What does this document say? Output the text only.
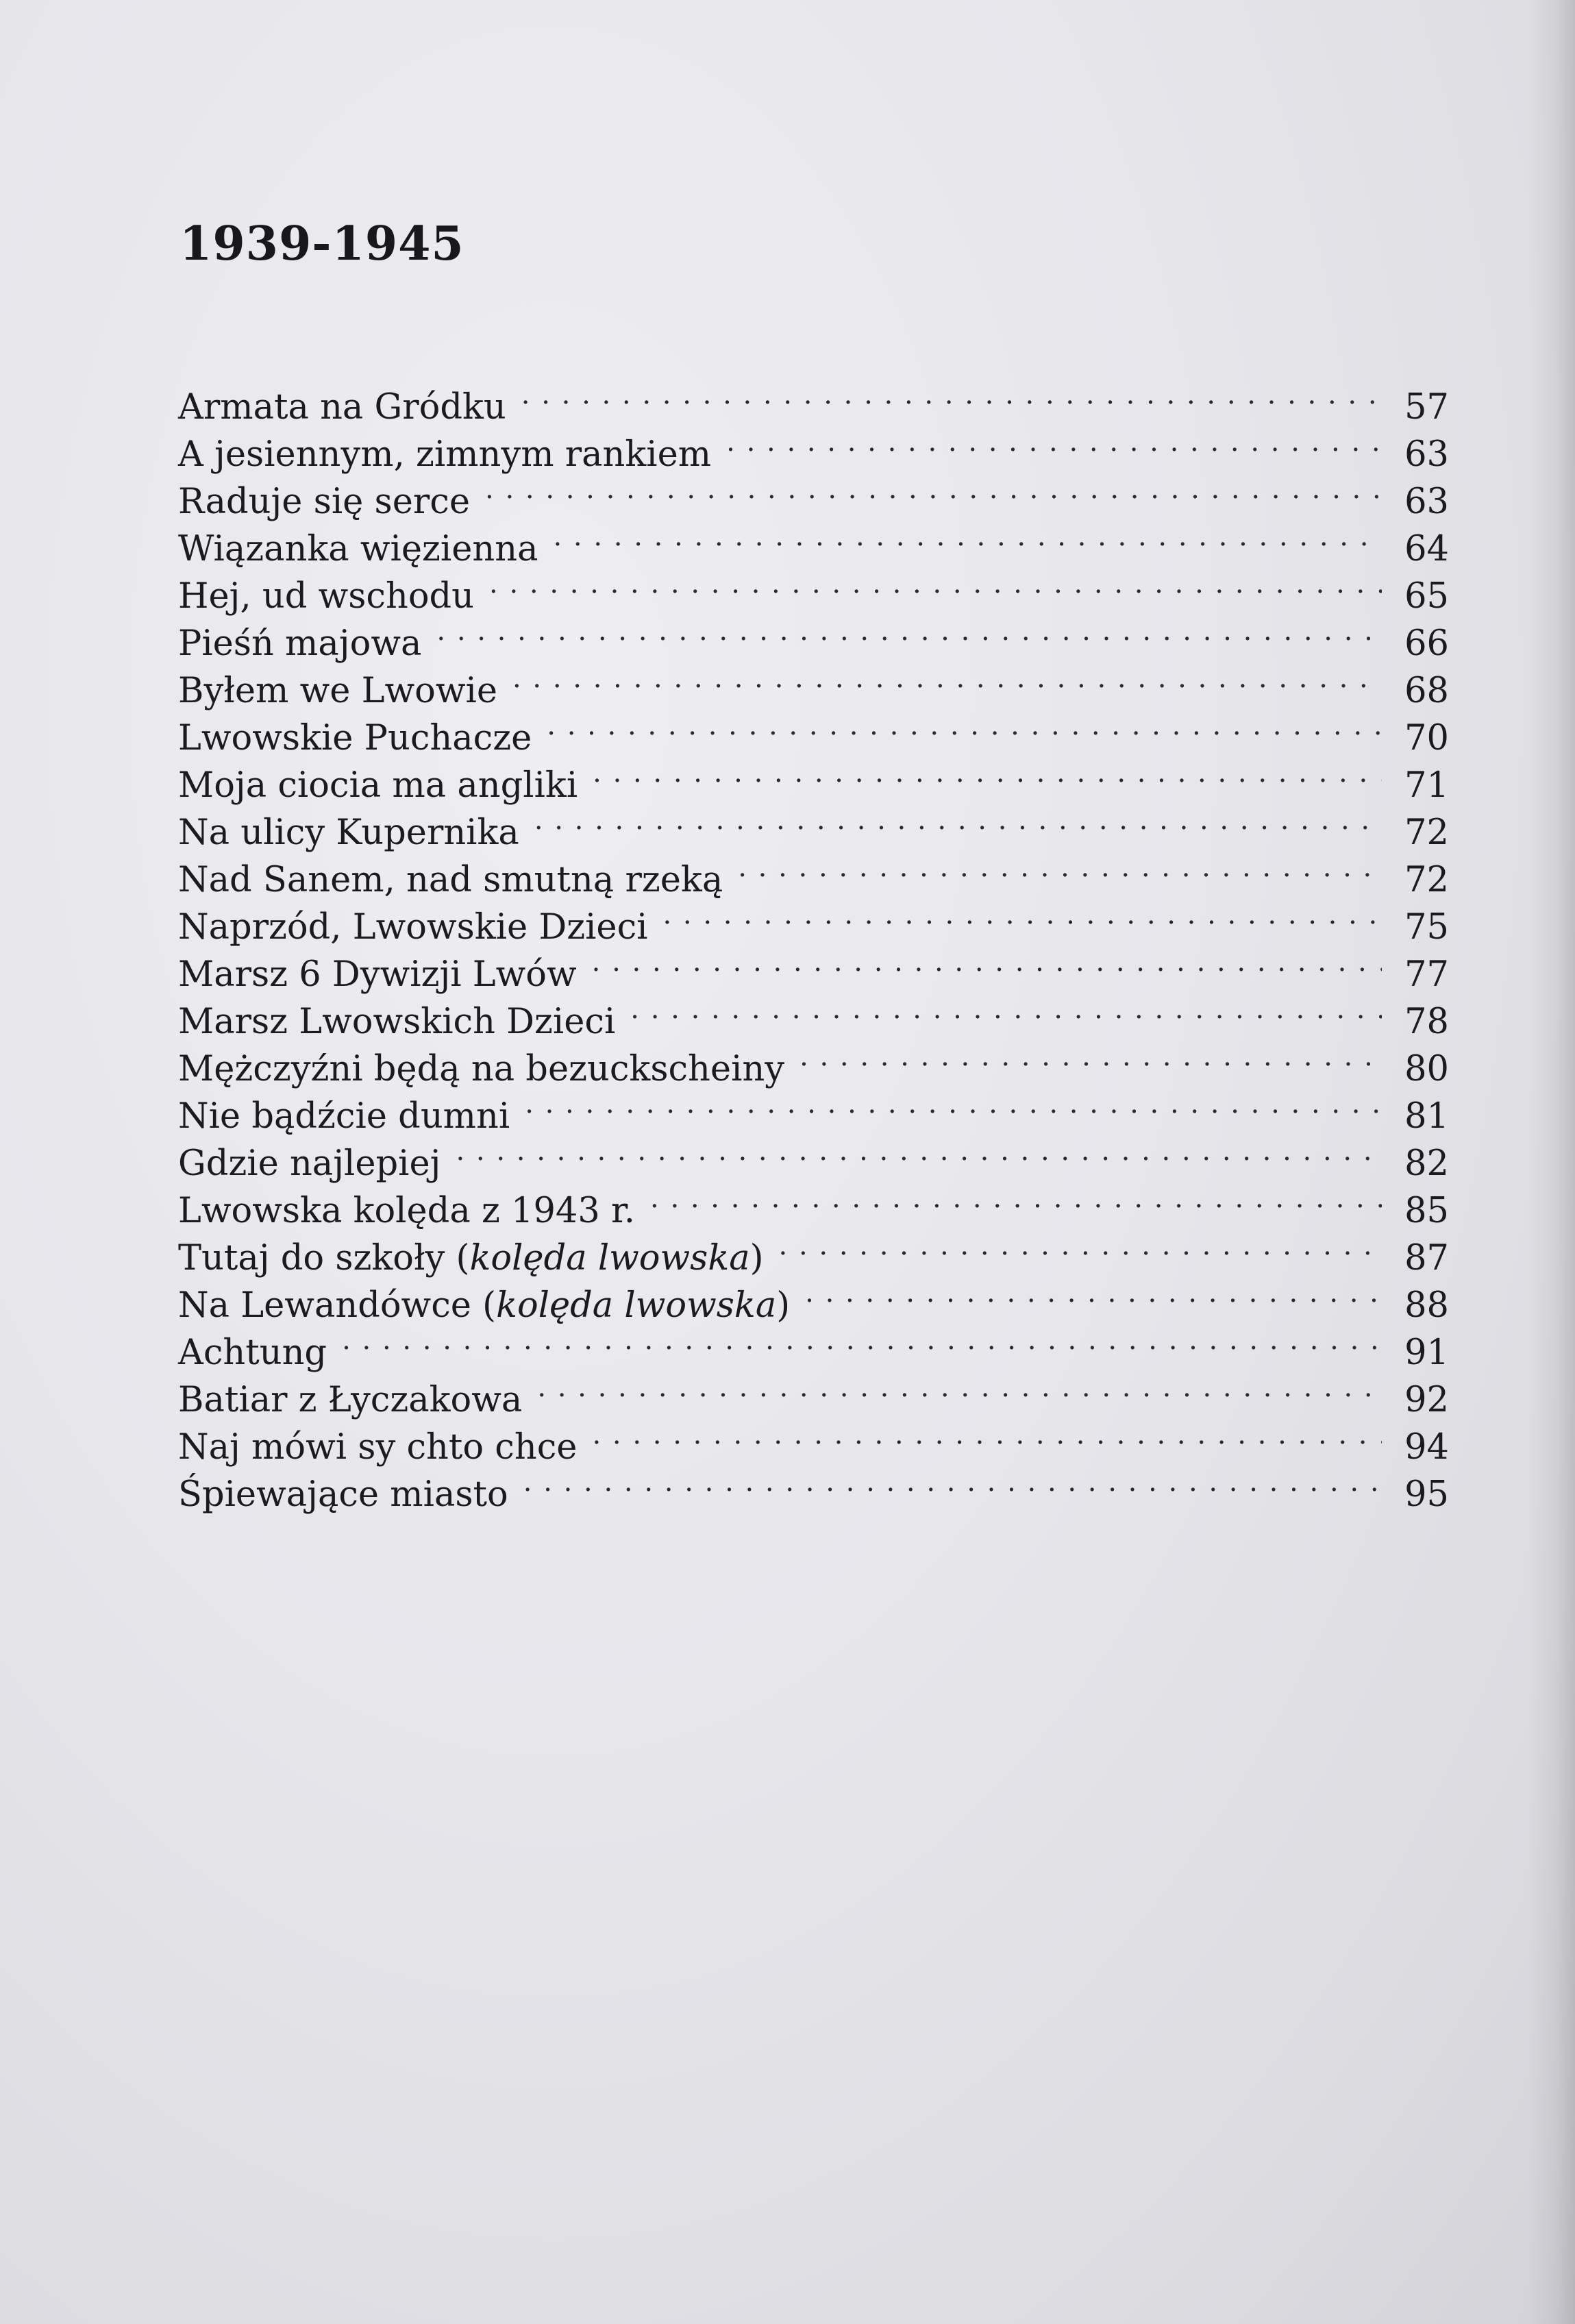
1939-1945
Armata na Gródku . . .	57
A jesiennym, zimnym rankiem . . .	63
Raduje się serce . . .	63
Wiązanka więzienna . . .	64
Hej, ud wschodu . . .	65
Pieśń majowa . . .	66
Byłem we Lwowie . . .	68
Lwowskie Puchacze . . .	70
Moja ciocia ma angliki . . .	71
Na ulicy Kupernika . . .	72
Nad Sanem, nad smutną rzeką . . .	72
Naprzód, Lwowskie Dzieci . . .	75
Marsz 6 Dywizji Lwów . . .	77
Marsz Lwowskich Dzieci . . .	78
Mężczyźni będą na bezuckscheiny . . .	80
Nie bądźcie dumni . . .	81
Gdzie najlepiej . . .	82
Lwowska kolęda z 1943 r. . . .	85
Tutaj do szkoły (kolęda lwowska) . . .	87
Na Lewandówce (kolęda lwowska) . . .	88
Achtung . . .	91
Batiar z Łyczakowa . . .	92
Naj mówi sy chto chce . . .	94
Śpiewające miasto . . .	95
